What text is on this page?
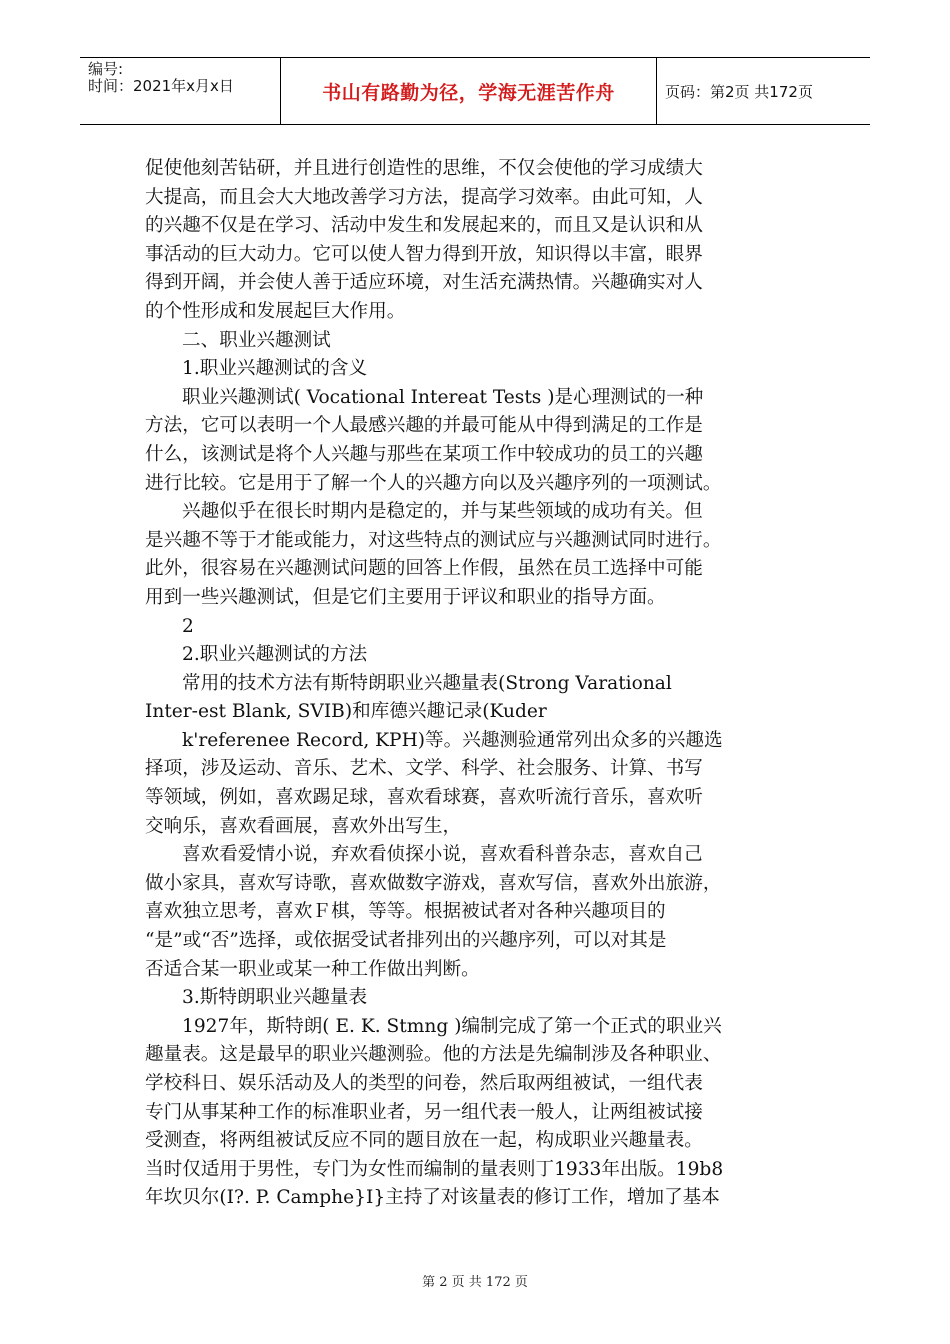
编号:
时间：2021年x月x日	书山有路勤为径，学海无涯苦作舟	页码：第2页 共172页
促使他刻苦钻研，并且进行创造性的思维，不仅会使他的学习成绩大
大提高，而且会大大地改善学习方法，提高学习效率。由此可知，人
的兴趣不仅是在学习、活动中发生和发展起来的，而且又是认识和从
事活动的巨大动力。它可以使人智力得到开放，知识得以丰富，眼界
得到开阔，并会使人善于适应环境，对生活充满热情。兴趣确实对人
的个性形成和发展起巨大作用。
二、职业兴趣测试
1.职业兴趣测试的含义
职业兴趣测试( Vocational Intereat Tests )是心理测试的一种
方法，它可以表明一个人最感兴趣的并最可能从中得到满足的工作是
什么，该测试是将个人兴趣与那些在某项工作中较成功的员工的兴趣
进行比较。它是用于了解一个人的兴趣方向以及兴趣序列的一项测试。
兴趣似乎在很长时期内是稳定的，并与某些领域的成功有关。但
是兴趣不等于才能或能力，对这些特点的测试应与兴趣测试同时进行。
此外，很容易在兴趣测试问题的回答上作假，虽然在员工选择中可能
用到一些兴趣测试，但是它们主要用于评议和职业的指导方面。
2
2.职业兴趣测试的方法
常用的技术方法有斯特朗职业兴趣量表(Strong Varational
Inter-est Blank, SVIB)和库德兴趣记录(Kuder
k'referenee Record, KPH)等。兴趣测验通常列出众多的兴趣选
择项，涉及运动、音乐、艺术、文学、科学、社会服务、计算、书写
等领域，例如，喜欢踢足球，喜欢看球赛，喜欢听流行音乐，喜欢听
交响乐，喜欢看画展，喜欢外出写生，
喜欢看爱情小说，弃欢看侦探小说，喜欢看科普杂志，喜欢自己
做小家具，喜欢写诗歌，喜欢做数字游戏，喜欢写信，喜欢外出旅游，
喜欢独立思考，喜欢Ｆ棋，等等。根据被试者对各种兴趣项目的
“是”或“否”选择，或依据受试者排列出的兴趣序列，可以对其是
否适合某一职业或某一种工作做出判断。
3.斯特朗职业兴趣量表
1927年，斯特朗( E. K. Stmng )编制完成了第一个正式的职业兴
趣量表。这是最早的职业兴趣测验。他的方法是先编制涉及各种职业、
学校科日、娱乐活动及人的类型的问卷，然后取两组被试，一组代表
专门从事某种工作的标准职业者，另一组代表一般人，让两组被试接
受测查，将两组被试反应不同的题目放在一起，构成职业兴趣量表。
当时仅适用于男性，专门为女性而编制的量表则丁1933年出版。19b8
年坎贝尔(I?. P. Camphe}I}主持了对该量表的修订工作，增加了基本
第 2 页 共 172 页
